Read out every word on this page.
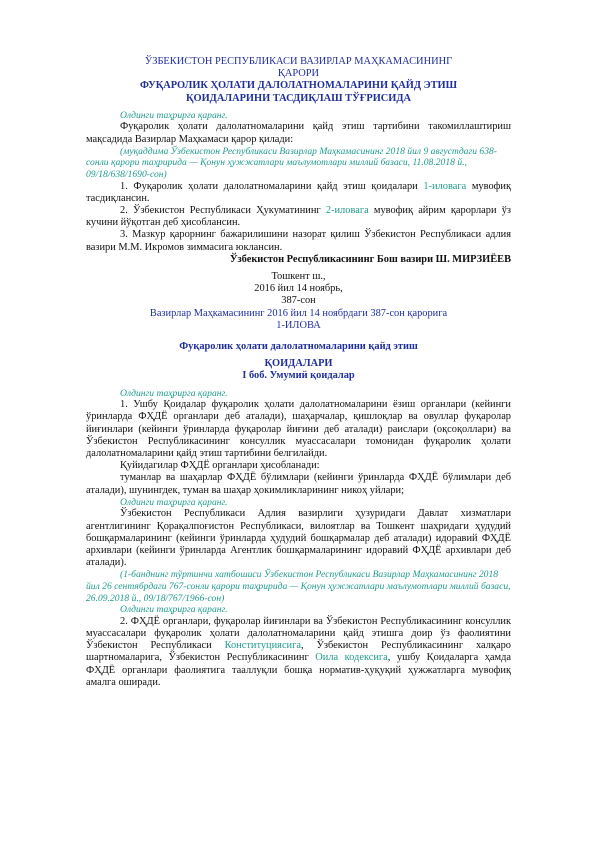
ЎЗБЕКИСТОН РЕСПУБЛИКАСИ ВАЗИРЛАР МАҲКАМАСИНИНГ
ҚАРОРИ
ФУҚАРОЛИК ҲОЛАТИ ДАЛОЛАТНОМАЛАРИНИ ҚАЙД ЭТИШ
ҚОИДАЛАРИНИ ТАСДИҚЛАШ ТЎҒРИСИДА

Олдинги таҳрирга қаранг.

Фуқаролик ҳолати далолатномаларини қайд этиш тартибини такомиллаштириш мақсадида Вазирлар Маҳкамаси қарор қилади:

(муқаддима Ўзбекистон Республикаси Вазирлар Маҳкамасининг 2018 йил 9 августдаги 638-сонли қарори таҳририда — Қонун ҳужжатлари маълумотлари миллий базаси, 11.08.2018 й., 09/18/638/1690-сон)

1. Фуқаролик ҳолати далолатномаларини қайд этиш қоидалари 1-иловага мувофиқ тасдиқлансин.

2. Ўзбекистон Республикаси Ҳукуматининг 2-иловага мувофиқ айрим қарорлари ўз кучини йўқотган деб ҳисоблансин.

3. Мазкур қарорнинг бажарилишини назорат қилиш Ўзбекистон Республикаси адлия вазири М.М. Икромов зиммасига юклансин.

Ўзбекистон Республикасининг Бош вазири Ш. МИРЗИЁЕВ

Тошкент ш.,
2016 йил 14 ноябрь,
387-сон
Вазирлар Маҳкамасининг 2016 йил 14 ноябрдаги 387-сон қарорига
1-ИЛОВА
Фуқаролик ҳолати далолатномаларини қайд этиш
ҚОИДАЛАРИ
I боб. Умумий қоидалар

Олдинги таҳрирга қаранг.

1. Ушбу Қоидалар фуқаролик ҳолати далолатномаларини ёзиш органлари (кейинги ўринларда ФҲДЁ органлари деб аталади), шаҳарчалар, қишлоқлар ва овуллар фуқаролар йиғинлари (кейинги ўринларда фуқаролар йиғини деб аталади) раислари (оқсоқоллари) ва Ўзбекистон Республикасининг консуллик муассасалари томонидан фуқаролик ҳолати далолатномаларини қайд этиш тартибини белгилайди.

Қуйидагилар ФҲДЁ органлари ҳисобланади:

туманлар ва шаҳарлар ФҲДЁ бўлимлари (кейинги ўринларда ФҲДЁ бўлимлари деб аталади), шунингдек, туман ва шаҳар ҳокимликларининг никоҳ уйлари;

Олдинги таҳрирга қаранг.

Ўзбекистон Республикаси Адлия вазирлиги ҳузуридаги Давлат хизматлари агентлигининг Қорақалпоғистон Республикаси, вилоятлар ва Тошкент шаҳридаги ҳудудий бошқармаларининг (кейинги ўринларда ҳудудий бошқармалар деб аталади) идоравий ФҲДЁ архивлари (кейинги ўринларда Агентлик бошқармаларининг идоравий ФҲДЁ архивлари деб аталади).

(1-банднинг тўртинчи хатбошиси Ўзбекистон Республикаси Вазирлар Маҳкамасининг 2018 йил 26 сентябрдаги 767-сонли қарори таҳририда — Қонун ҳужжатлари маълумотлари миллий базаси, 26.09.2018 й., 09/18/767/1966-сон)

Олдинги таҳрирга қаранг.

2. ФҲДЁ органлари, фуқаролар йиғинлари ва Ўзбекистон Республикасининг консуллик муассасалари фуқаролик ҳолати далолатномаларини қайд этишга доир ўз фаолиятини Ўзбекистон Республикаси Конституциясига, Ўзбекистон Республикасининг халқаро шартномаларига, Ўзбекистон Республикасининг Оила кодексига, ушбу Қоидаларга ҳамда ФҲДЁ органлари фаолиятига тааллуқли бошқа норматив-ҳуқуқий ҳужжатларга мувофиқ амалга оширади.
